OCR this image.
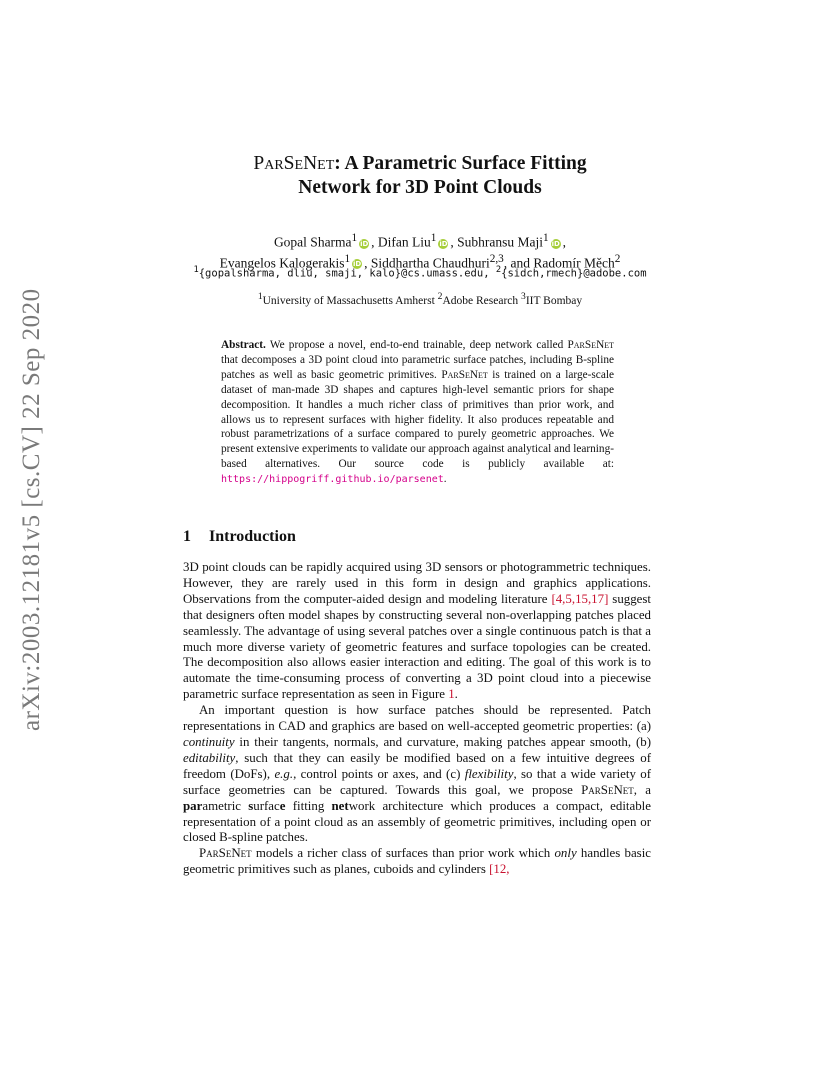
arXiv:2003.12181v5 [cs.CV] 22 Sep 2020
ParSeNet: A Parametric Surface Fitting
Network for 3D Point Clouds
Gopal Sharma$^1$ iD , Difan Liu$^1$ iD , Subhransu Maji$^1$ iD ,
Evangelos Kalogerakis$^1$ iD , Siddhartha Chaudhuri$^{2,3}$, and Radomír Měch$^2$
$^1${gopalsharma, dliu, smaji, kalo}@cs.umass.edu, $^2${sidch,rmech}@adobe.com
$^1$University of Massachusetts Amherst $^2$Adobe Research $^3$IIT Bombay
Abstract. We propose a novel, end-to-end trainable, deep network called ParSeNet that decomposes a 3D point cloud into parametric surface patches, including B-spline patches as well as basic geometric primitives. ParSeNet is trained on a large-scale dataset of man-made 3D shapes and captures high-level semantic priors for shape decomposition. It handles a much richer class of primitives than prior work, and allows us to represent surfaces with higher fidelity. It also produces repeatable and robust parametrizations of a surface compared to purely geometric approaches. We present extensive experiments to validate our approach against analytical and learning-based alternatives. Our source code is publicly available at: https://hippogriff.github.io/parsenet.
1 Introduction

3D point clouds can be rapidly acquired using 3D sensors or photogrammetric techniques. However, they are rarely used in this form in design and graphics applications. Observations from the computer-aided design and modeling literature [4,5,15,17] suggest that designers often model shapes by constructing several non-overlapping patches placed seamlessly. The advantage of using several patches over a single continuous patch is that a much more diverse variety of geometric features and surface topologies can be created. The decomposition also allows easier interaction and editing. The goal of this work is to automate the time-consuming process of converting a 3D point cloud into a piecewise parametric surface representation as seen in Figure 1.

An important question is how surface patches should be represented. Patch representations in CAD and graphics are based on well-accepted geometric properties: (a) continuity in their tangents, normals, and curvature, making patches appear smooth, (b) editability, such that they can easily be modified based on a few intuitive degrees of freedom (DoFs), e.g., control points or axes, and (c) flexibility, so that a wide variety of surface geometries can be captured. Towards this goal, we propose ParSeNet, a parametric surface fitting network architecture which produces a compact, editable representation of a point cloud as an assembly of geometric primitives, including open or closed B-spline patches.

ParSeNet models a richer class of surfaces than prior work which only handles basic geometric primitives such as planes, cuboids and cylinders [12,
